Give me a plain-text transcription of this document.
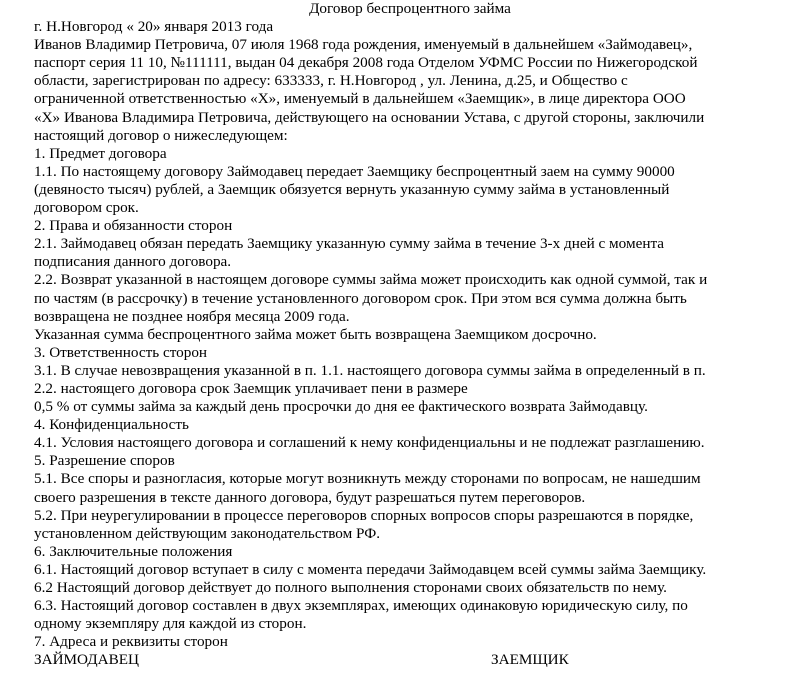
Договор беспроцентного займа
г. Н.Новгород « 20» января 2013 года
Иванов Владимир Петровича, 07 июля 1968 года рождения, именуемый в дальнейшем «Займодавец»,
паспорт серия 11 10, №111111, выдан 04 декабря 2008 года Отделом УФМС России по Нижегородской
области, зарегистрирован по адресу: 633333, г. Н.Новгород , ул. Ленина, д.25, и Общество с
ограниченной ответственностью «Х», именуемый в дальнейшем «Заемщик», в лице директора ООО
«Х» Иванова Владимира Петровича, действующего на основании Устава, с другой стороны, заключили
настоящий договор о нижеследующем:
1. Предмет договора
1.1. По настоящему договору Займодавец передает Заемщику беспроцентный заем на сумму 90000
(девяносто тысяч) рублей, а Заемщик обязуется вернуть указанную сумму займа в установленный
договором срок.
2. Права и обязанности сторон
2.1. Займодавец обязан передать Заемщику указанную сумму займа в течение 3-х дней с момента
подписания данного договора.
2.2. Возврат указанной в настоящем договоре суммы займа может происходить как одной суммой, так и
по частям (в рассрочку) в течение установленного договором срок. При этом вся сумма должна быть
возвращена не позднее ноября месяца 2009 года.
Указанная сумма беспроцентного займа может быть возвращена Заемщиком досрочно.
3. Ответственность сторон
3.1. В случае невозвращения указанной в п. 1.1. настоящего договора суммы займа в определенный в п.
2.2. настоящего договора срок Заемщик уплачивает пени в размере
0,5 % от суммы займа за каждый день просрочки до дня ее фактического возврата Займодавцу.
4. Конфиденциальность
4.1. Условия настоящего договора и соглашений к нему конфиденциальны и не подлежат разглашению.
5. Разрешение споров
5.1. Все споры и разногласия, которые могут возникнуть между сторонами по вопросам, не нашедшим
своего разрешения в тексте данного договора, будут разрешаться путем переговоров.
5.2. При неурегулировании в процессе переговоров спорных вопросов споры разрешаются в порядке,
установленном действующим законодательством РФ.
6. Заключительные положения
6.1. Настоящий договор вступает в силу с момента передачи Займодавцем всей суммы займа Заемщику.
6.2 Настоящий договор действует до полного выполнения сторонами своих обязательств по нему.
6.3. Настоящий договор составлен в двух экземплярах, имеющих одинаковую юридическую силу, по
одному экземпляру для каждой из сторон.
7. Адреса и реквизиты сторон
ЗАЙМОДАВЕЦ	ЗАЕМЩИК
